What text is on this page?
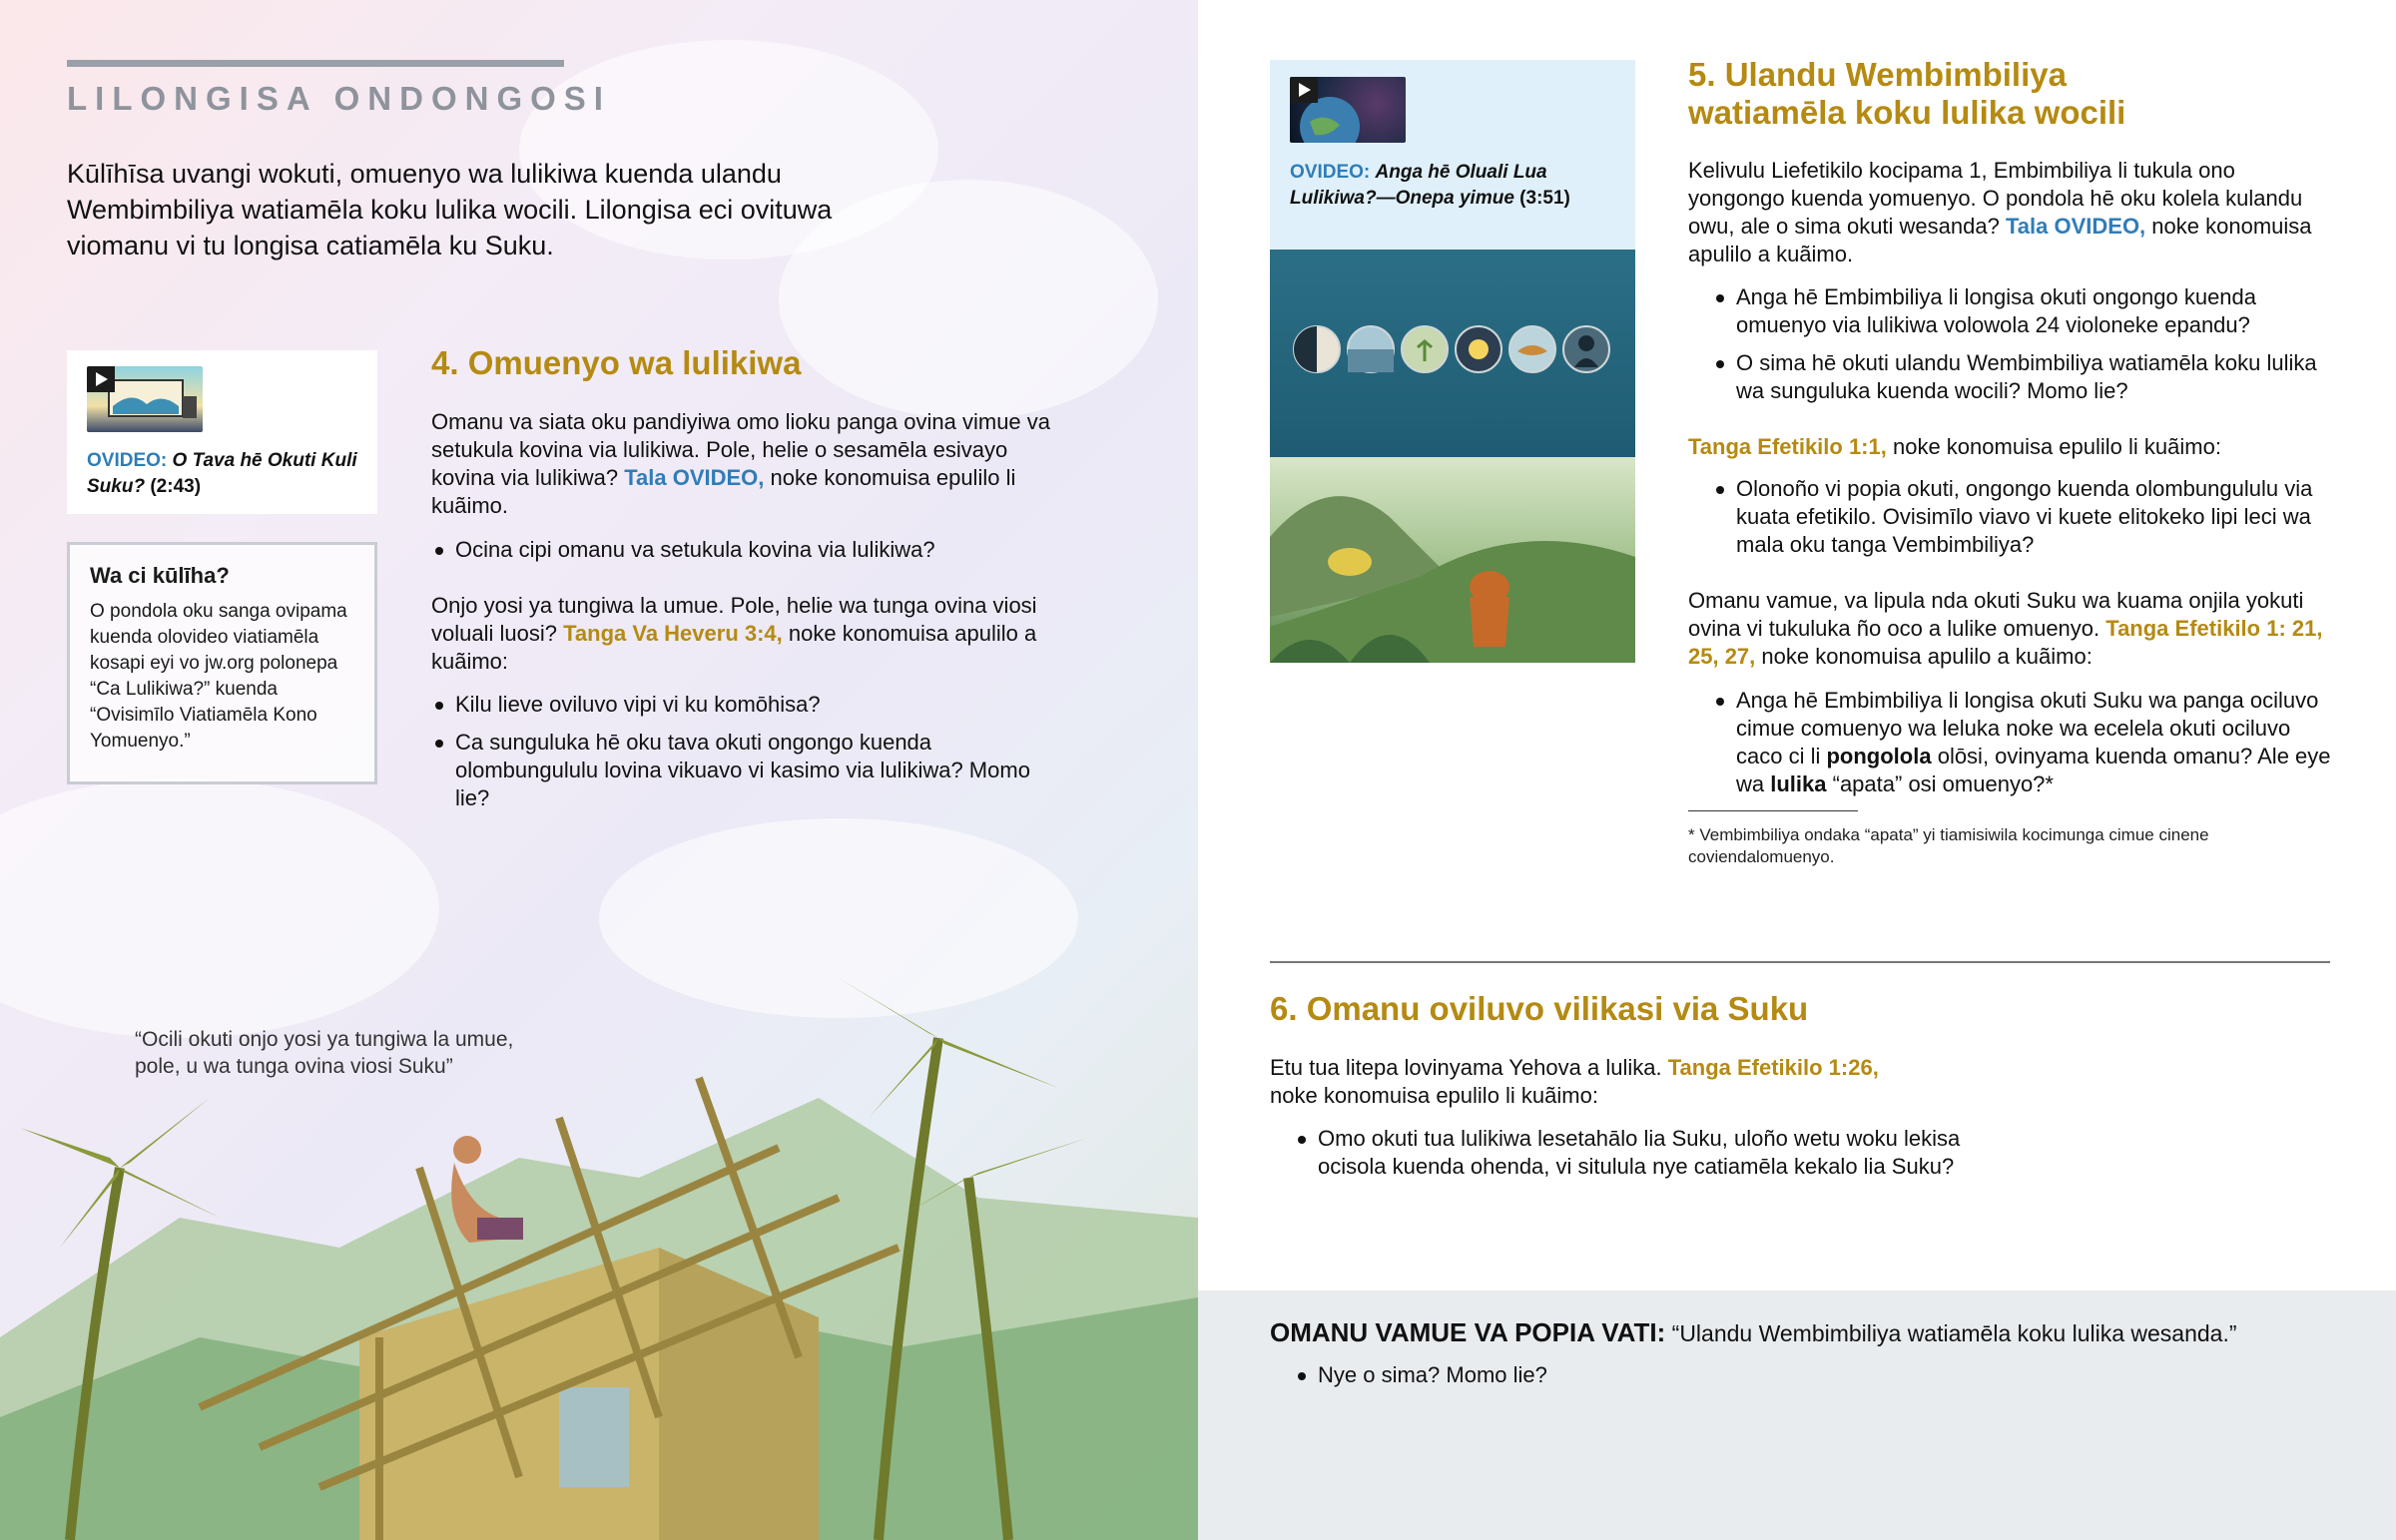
LILONGISA ONDONGOSI
Kūlīhīsa uvangi wokuti, omuenyo wa lulikiwa kuenda ulandu Wembimbiliya watiamēla koku lulika wocili. Lilongisa eci ovituwa viomanu vi tu longisa catiamēla ku Suku.
OVIDEO: O Tava hē Okuti Kuli Suku? (2:43)
Wa ci kūlīha?

O pondola oku sanga ovipama kuenda olovideo viatiamēla kosapi eyi vo jw.org polonepa “Ca Lulikiwa?” kuenda “Ovisimīlo Viatiamēla Kono Yomuenyo.”

4. Omuenyo wa lulikiwa
Omanu va siata oku pandiyiwa omo lioku panga ovina vimue va setukula kovina via lulikiwa. Pole, helie o sesamēla esivayo kovina via lulikiwa? Tala OVIDEO, noke konomuisa epulilo li kuãimo.
Ocina cipi omanu va setukula kovina via lulikiwa?
Onjo yosi ya tungiwa la umue. Pole, helie wa tunga ovina viosi voluali luosi? Tanga Va Heveru 3:4, noke konomuisa apulilo a kuãimo:
Kilu lieve oviluvo vipi vi ku komōhisa?
Ca sunguluka hē oku tava okuti ongongo kuenda olombungululu lovina vikuavo vi kasimo via lulikiwa? Momo lie?
“Ocili okuti onjo yosi ya tungiwa la umue, pole, u wa tunga ovina viosi Suku”
OVIDEO: Anga hē Oluali Lua Lulikiwa?—Onepa yimue (3:51)
5. Ulandu Wembimbiliya
watiamēla koku lulika wocili
Kelivulu Liefetikilo kocipama 1, Embimbiliya li tukula ono yongongo kuenda yomuenyo. O pondola hē oku kolela kulandu owu, ale o sima okuti wesanda? Tala OVIDEO, noke konomuisa apulilo a kuãimo.
Anga hē Embimbiliya li longisa okuti ongongo kuenda omuenyo via lulikiwa volowola 24 violoneke epandu?
O sima hē okuti ulandu Wembimbiliya watiamēla koku lulika wa sunguluka kuenda wocili? Momo lie?
Tanga Efetikilo 1:1, noke konomuisa epulilo li kuãimo:
Olonoño vi popia okuti, ongongo kuenda olombungululu via kuata efetikilo. Ovisimīlo viavo vi kuete elitokeko lipi leci wa mala oku tanga Vembimbiliya?
Omanu vamue, va lipula nda okuti Suku wa kuama onjila yokuti ovina vi tukuluka ño oco a lulike omuenyo. Tanga Efetikilo 1: 21, 25, 27, noke konomuisa apulilo a kuãimo:
Anga hē Embimbiliya li longisa okuti Suku wa panga ociluvo cimue comuenyo wa leluka noke wa ecelela okuti ociluvo caco ci li pongolola olōsi, ovinyama kuenda omanu? Ale eye wa lulika “apata” osi omuenyo?*
* Vembimbiliya ondaka “apata” yi tiamisiwila kocimunga cimue cinene coviendalomuenyo.
6. Omanu oviluvo vilikasi via Suku
Etu tua litepa lovinyama Yehova a lulika. Tanga Efetikilo 1:26,
noke konomuisa epulilo li kuãimo:
Omo okuti tua lulikiwa lesetahālo lia Suku, uloño wetu woku lekisa ocisola kuenda ohenda, vi situlula nye catiamēla kekalo lia Suku?
OMANU VAMUE VA POPIA VATI: “Ulandu Wembimbiliya watiamēla koku lulika wesanda.”
Nye o sima? Momo lie?
